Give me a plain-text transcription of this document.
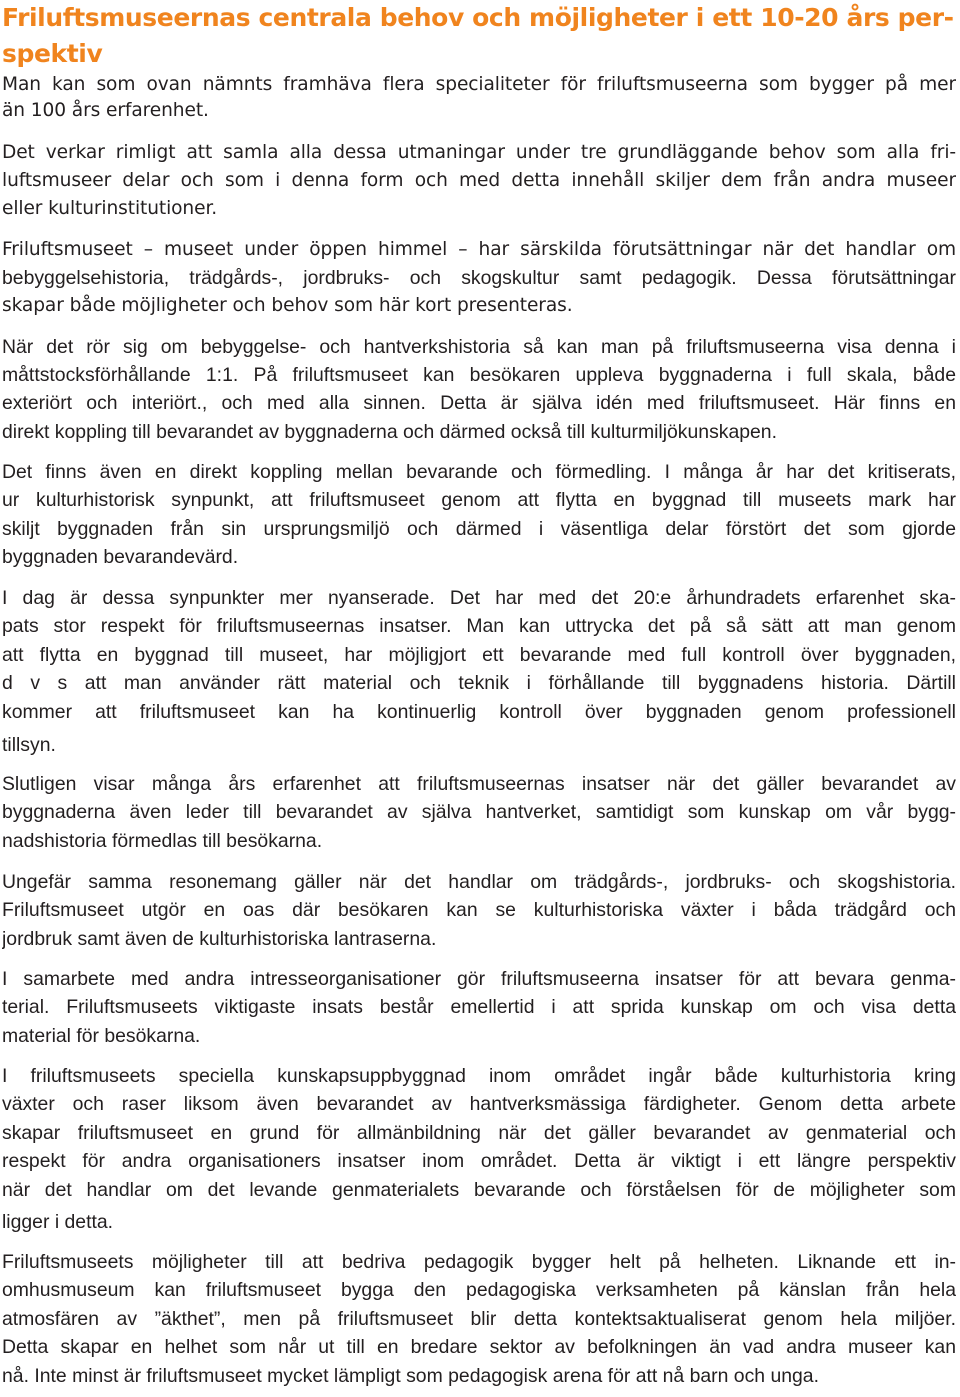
Friluftsmuseernas centrala behov och möjligheter i ett 10-20 års per-
spektiv
Man kan som ovan nämnts framhäva flera specialiteter för friluftsmuseerna som bygger på mer
än 100 års erfarenhet.
Det verkar rimligt att samla alla dessa utmaningar under tre grundläggande behov som alla fri-
luftsmuseer delar och som i denna form och med detta innehåll skiljer dem från andra museer
eller kulturinstitutioner.
Friluftsmuseet – museet under öppen himmel – har särskilda förutsättningar när det handlar om
bebyggelsehistoria, trädgårds-, jordbruks- och skogskultur samt pedagogik. Dessa förutsättningar
skapar både möjligheter och behov som här kort presenteras.
När det rör sig om bebyggelse- och hantverkshistoria så kan man på friluftsmuseerna visa denna i
måttstocksförhållande 1:1. På friluftsmuseet kan besökaren uppleva byggnaderna i full skala, både
exteriört och interiört., och med alla sinnen. Detta är själva idén med friluftsmuseet. Här finns en
direkt koppling till bevarandet av byggnaderna och därmed också till kulturmiljökunskapen.
Det finns även en direkt koppling mellan bevarande och förmedling. I många år har det kritiserats,
ur kulturhistorisk synpunkt, att friluftsmuseet genom att flytta en byggnad till museets mark har
skiljt byggnaden från sin ursprungsmiljö och därmed i väsentliga delar förstört det som gjorde
byggnaden bevarandevärd.
I dag är dessa synpunkter mer nyanserade. Det har med det 20:e århundradets erfarenhet ska-
pats stor respekt för friluftsmuseernas insatser. Man kan uttrycka det på så sätt att man genom
att flytta en byggnad till museet, har möjligjort ett bevarande med full kontroll över byggnaden,
d v s att man använder rätt material och teknik i förhållande till byggnadens historia. Därtill
kommer att friluftsmuseet kan ha kontinuerlig kontroll över byggnaden genom professionell
tillsyn.
Slutligen visar många års erfarenhet att friluftsmuseernas insatser när det gäller bevarandet av
byggnaderna även leder till bevarandet av själva hantverket, samtidigt som kunskap om vår bygg-
nadshistoria förmedlas till besökarna.
Ungefär samma resonemang gäller när det handlar om trädgårds-, jordbruks- och skogshistoria.
Friluftsmuseet utgör en oas där besökaren kan se kulturhistoriska växter i båda trädgård och
jordbruk samt även de kulturhistoriska lantraserna.
I samarbete med andra intresseorganisationer gör friluftsmuseerna insatser för att bevara genma-
terial. Friluftsmuseets viktigaste insats består emellertid i att sprida kunskap om och visa detta
material för besökarna.
I friluftsmuseets speciella kunskapsuppbyggnad inom området ingår både kulturhistoria kring
växter och raser liksom även bevarandet av hantverksmässiga färdigheter. Genom detta arbete
skapar friluftsmuseet en grund för allmänbildning när det gäller bevarandet av genmaterial och
respekt för andra organisationers insatser inom området. Detta är viktigt i ett längre perspektiv
när det handlar om det levande genmaterialets bevarande och förståelsen för de möjligheter som
ligger i detta.
Friluftsmuseets möjligheter till att bedriva pedagogik bygger helt på helheten. Liknande ett in-
omhusmuseum kan friluftsmuseet bygga den pedagogiska verksamheten på känslan från hela
atmosfären av ”äkthet”, men på friluftsmuseet blir detta kontektsaktualiserat genom hela miljöer.
Detta skapar en helhet som når ut till en bredare sektor av befolkningen än vad andra museer kan
nå. Inte minst är friluftsmuseet mycket lämpligt som pedagogisk arena för att nå barn och unga.
